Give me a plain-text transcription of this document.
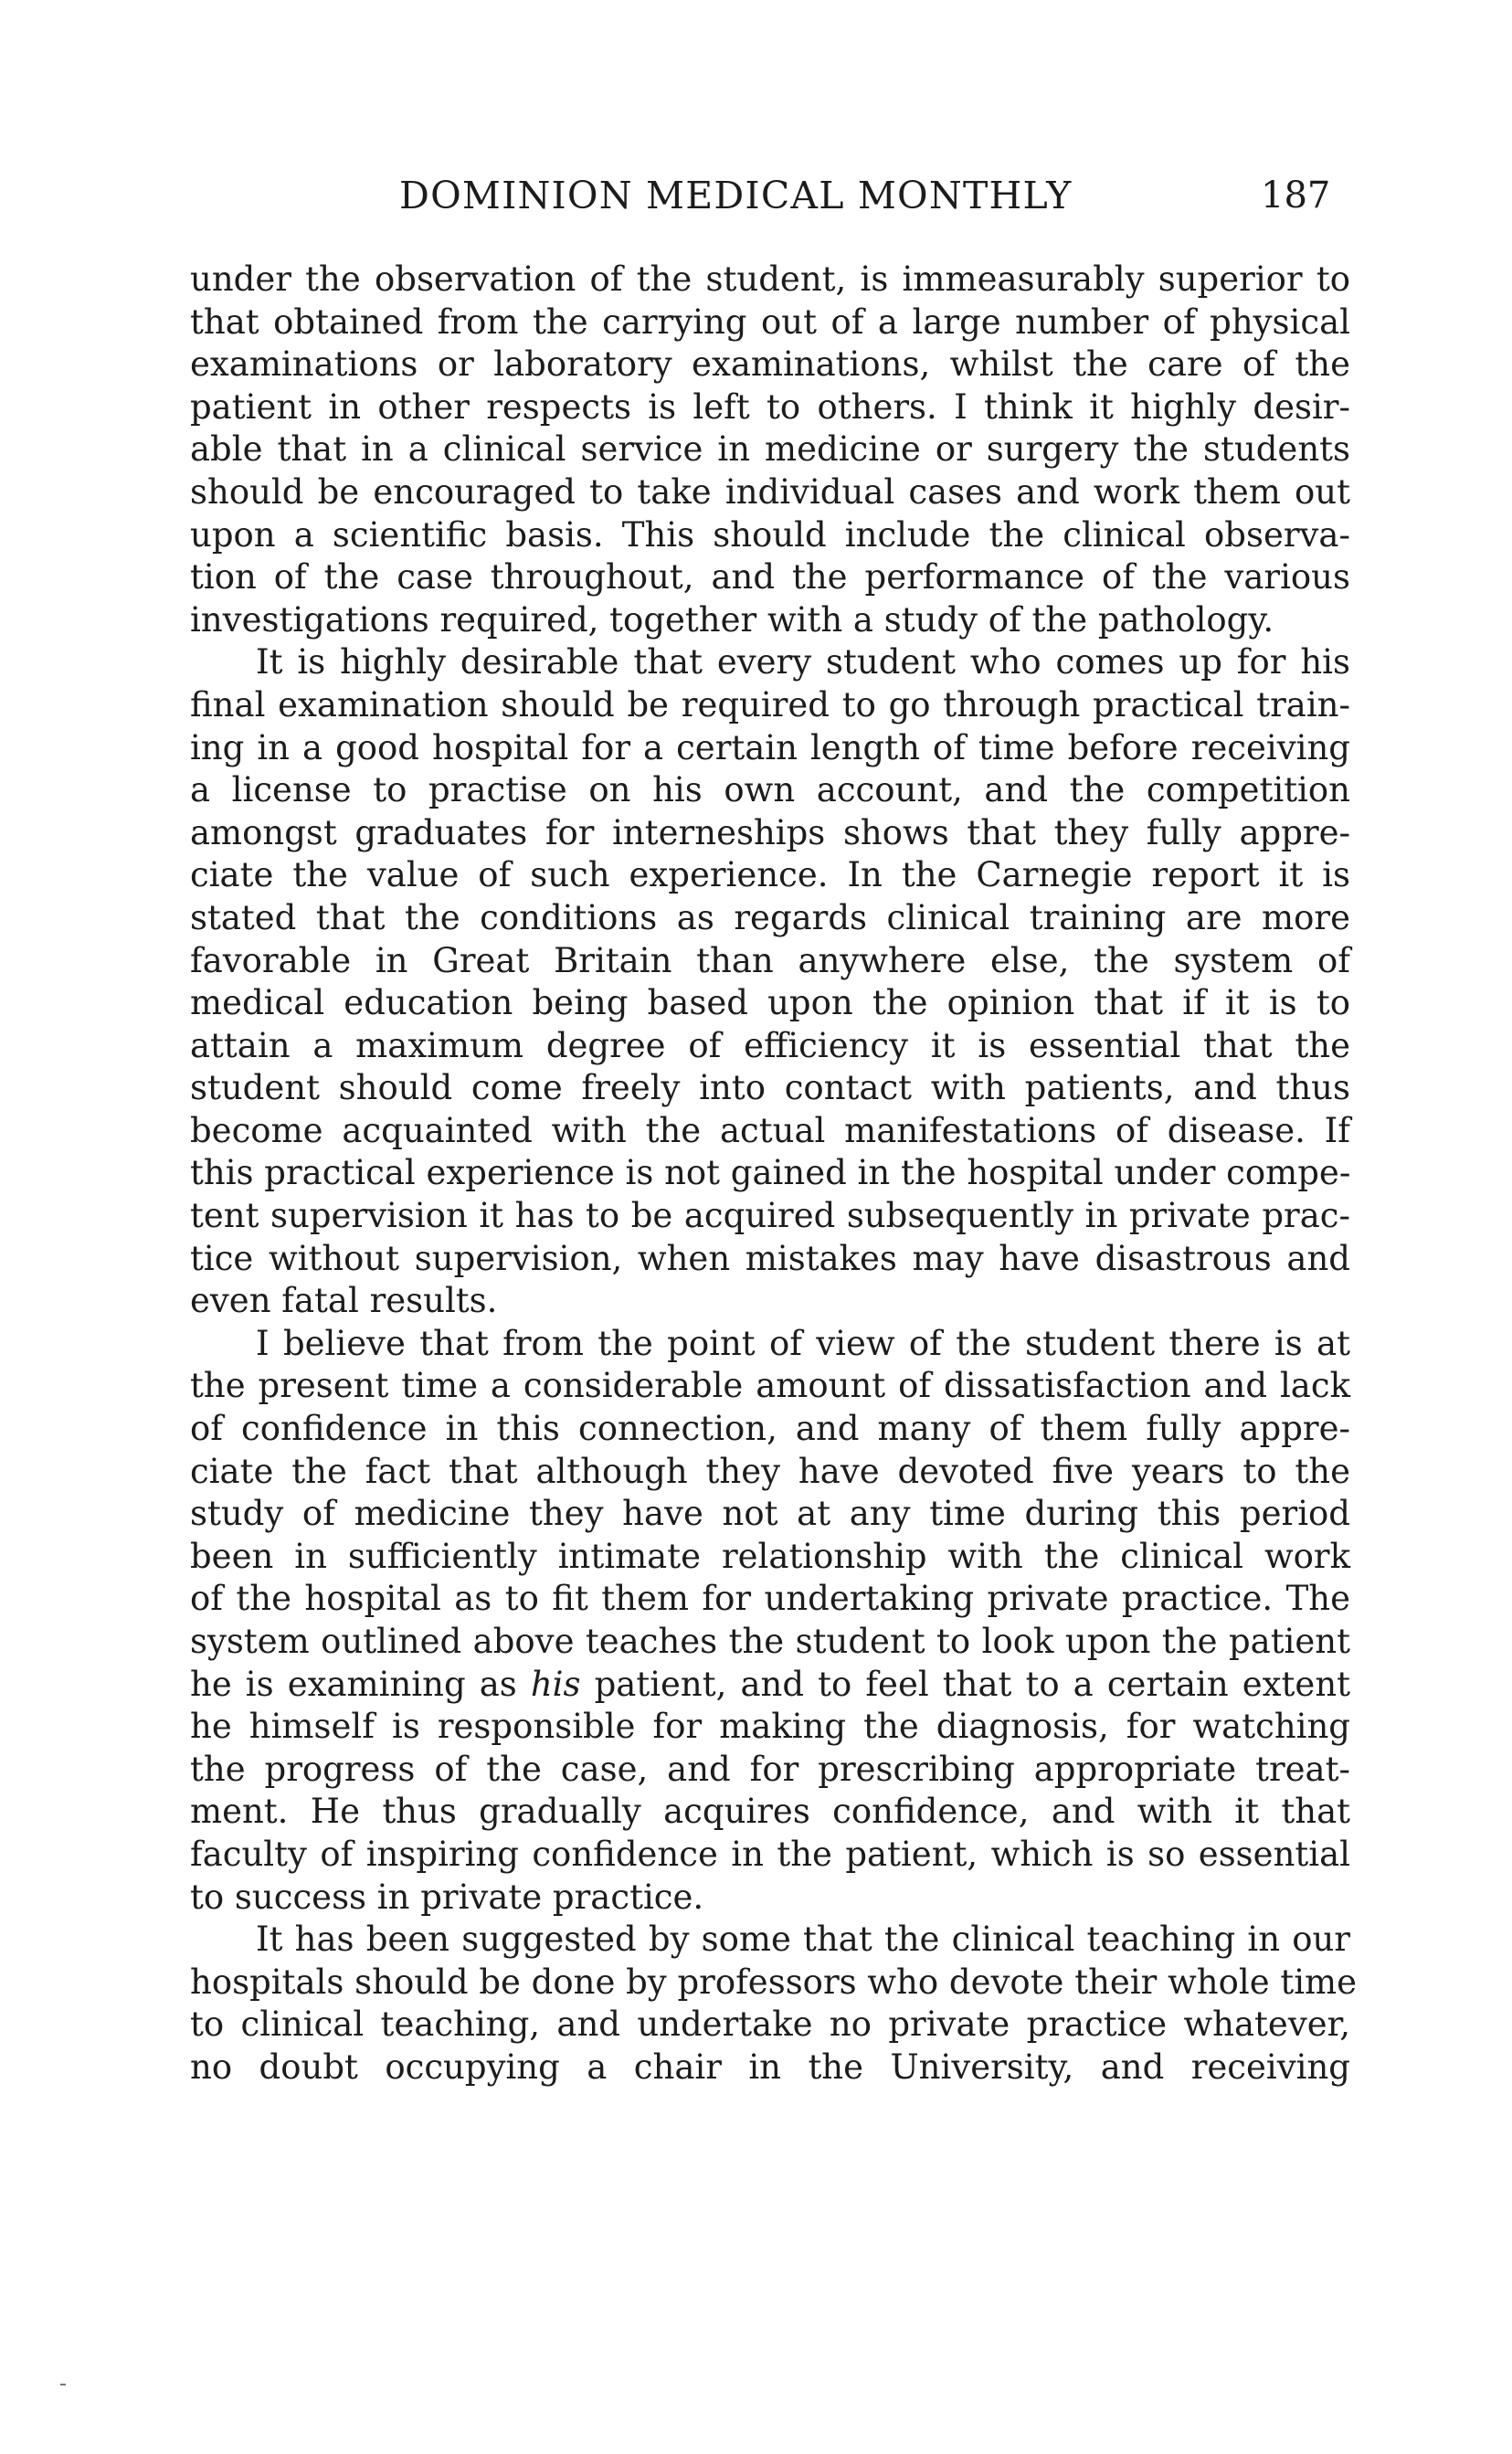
DOMINION MEDICAL MONTHLY	187
under the observation of the student, is immeasurably superior to
that obtained from the carrying out of a large number of physical
examinations or laboratory examinations, whilst the care of the
patient in other respects is left to others. I think it highly desir-
able that in a clinical service in medicine or surgery the students
should be encouraged to take individual cases and work them out
upon a scientific basis. This should include the clinical observa-
tion of the case throughout, and the performance of the various
investigations required, together with a study of the pathology.
It is highly desirable that every student who comes up for his
final examination should be required to go through practical train-
ing in a good hospital for a certain length of time before receiving
a license to practise on his own account, and the competition
amongst graduates for interneships shows that they fully appre-
ciate the value of such experience. In the Carnegie report it is
stated that the conditions as regards clinical training are more
favorable in Great Britain than anywhere else, the system of
medical education being based upon the opinion that if it is to
attain a maximum degree of efficiency it is essential that the
student should come freely into contact with patients, and thus
become acquainted with the actual manifestations of disease. If
this practical experience is not gained in the hospital under compe-
tent supervision it has to be acquired subsequently in private prac-
tice without supervision, when mistakes may have disastrous and
even fatal results.
I believe that from the point of view of the student there is at
the present time a considerable amount of dissatisfaction and lack
of confidence in this connection, and many of them fully appre-
ciate the fact that although they have devoted five years to the
study of medicine they have not at any time during this period
been in sufficiently intimate relationship with the clinical work
of the hospital as to fit them for undertaking private practice. The
system outlined above teaches the student to look upon the patient
he is examining as his patient, and to feel that to a certain extent
he himself is responsible for making the diagnosis, for watching
the progress of the case, and for prescribing appropriate treat-
ment. He thus gradually acquires confidence, and with it that
faculty of inspiring confidence in the patient, which is so essential
to success in private practice.
It has been suggested by some that the clinical teaching in our
hospitals should be done by professors who devote their whole time
to clinical teaching, and undertake no private practice whatever,
no doubt occupying a chair in the University, and receiving
